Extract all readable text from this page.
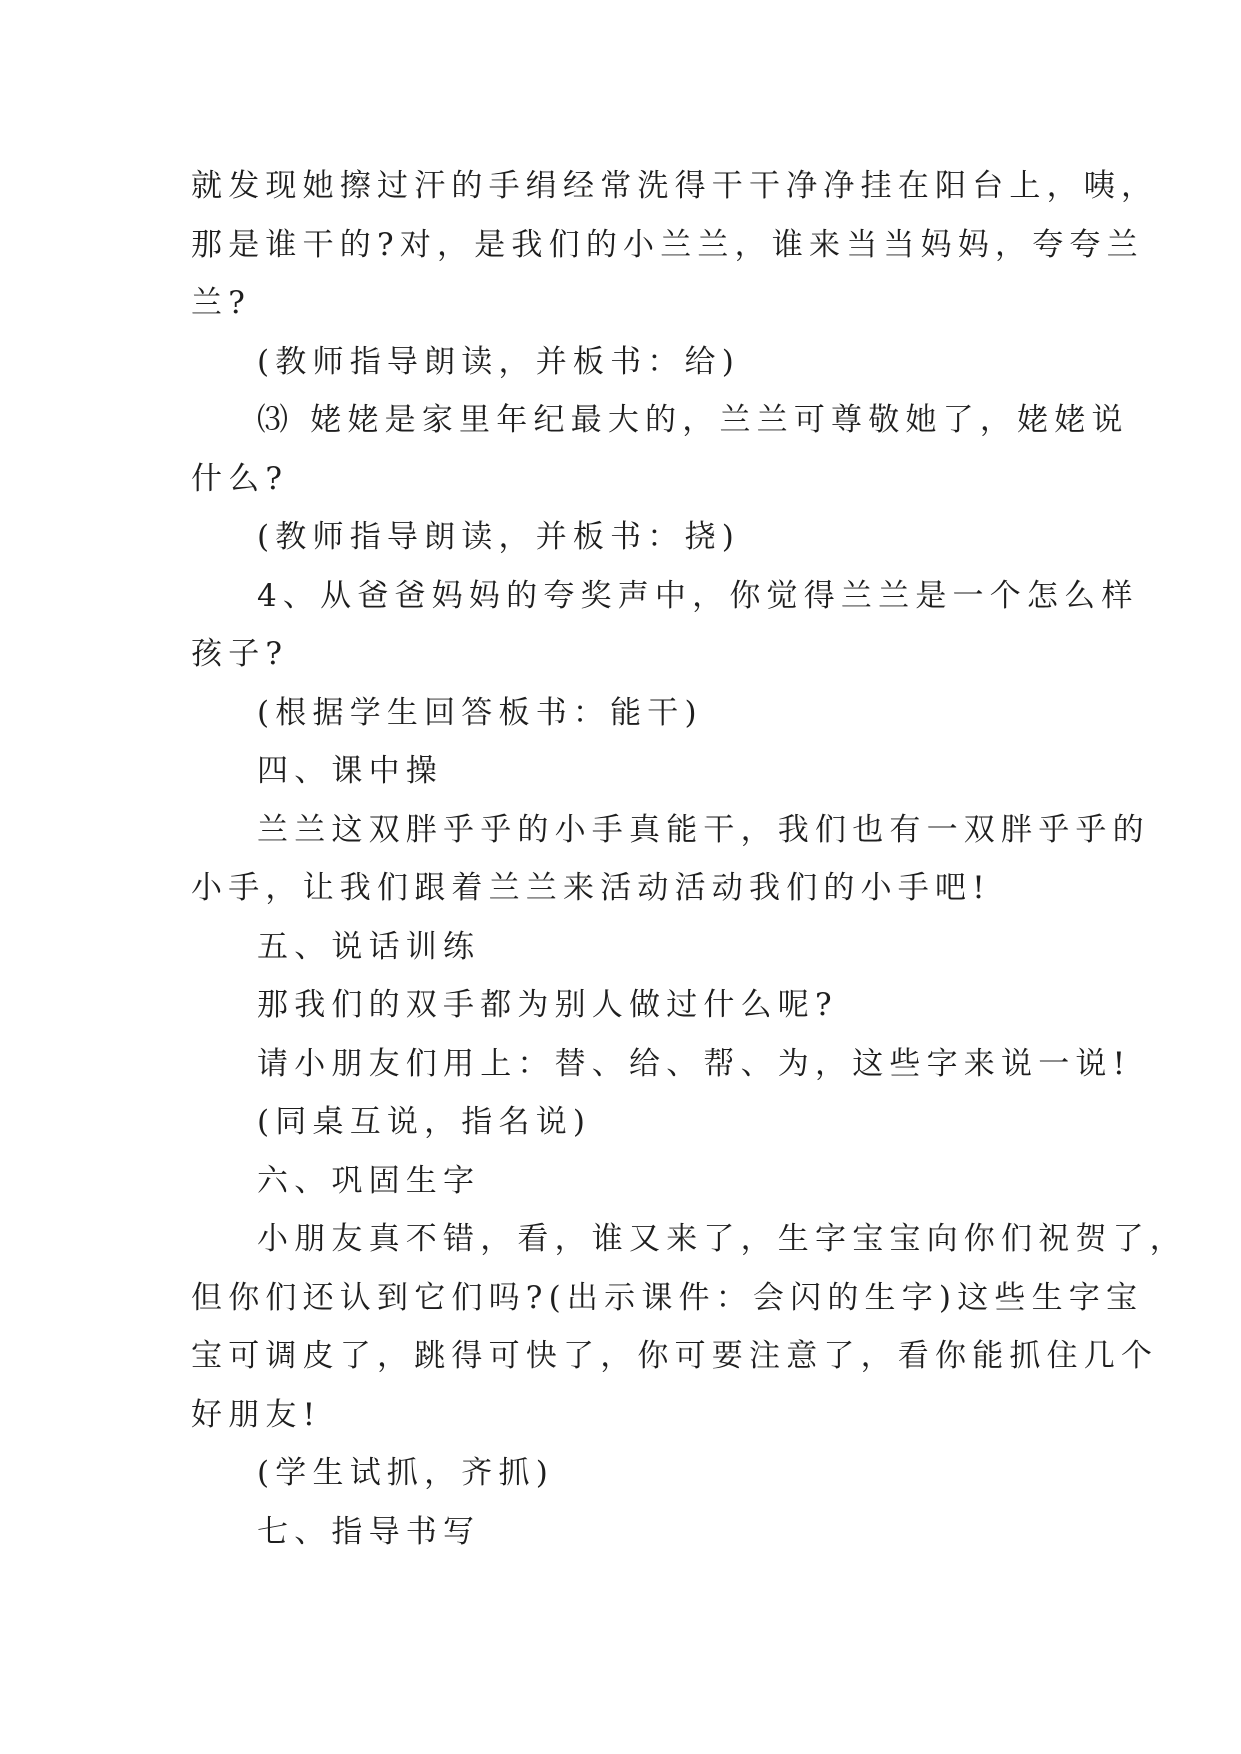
就发现她擦过汗的手绢经常洗得干干净净挂在阳台上，咦，

那是谁干的?对，是我们的小兰兰，谁来当当妈妈，夸夸兰

兰?

(教师指导朗读，并板书：给)

⑶ 姥姥是家里年纪最大的，兰兰可尊敬她了，姥姥说

什么?

(教师指导朗读，并板书：挠)

4、从爸爸妈妈的夸奖声中，你觉得兰兰是一个怎么样

孩子?

(根据学生回答板书：能干)

四、课中操

兰兰这双胖乎乎的小手真能干，我们也有一双胖乎乎的

小手，让我们跟着兰兰来活动活动我们的小手吧!

五、说话训练

那我们的双手都为别人做过什么呢?

请小朋友们用上：替、给、帮、为，这些字来说一说!

(同桌互说，指名说)

六、巩固生字

小朋友真不错，看，谁又来了，生字宝宝向你们祝贺了，

但你们还认到它们吗?(出示课件：会闪的生字)这些生字宝

宝可调皮了，跳得可快了，你可要注意了，看你能抓住几个

好朋友!

(学生试抓，齐抓)

七、指导书写
